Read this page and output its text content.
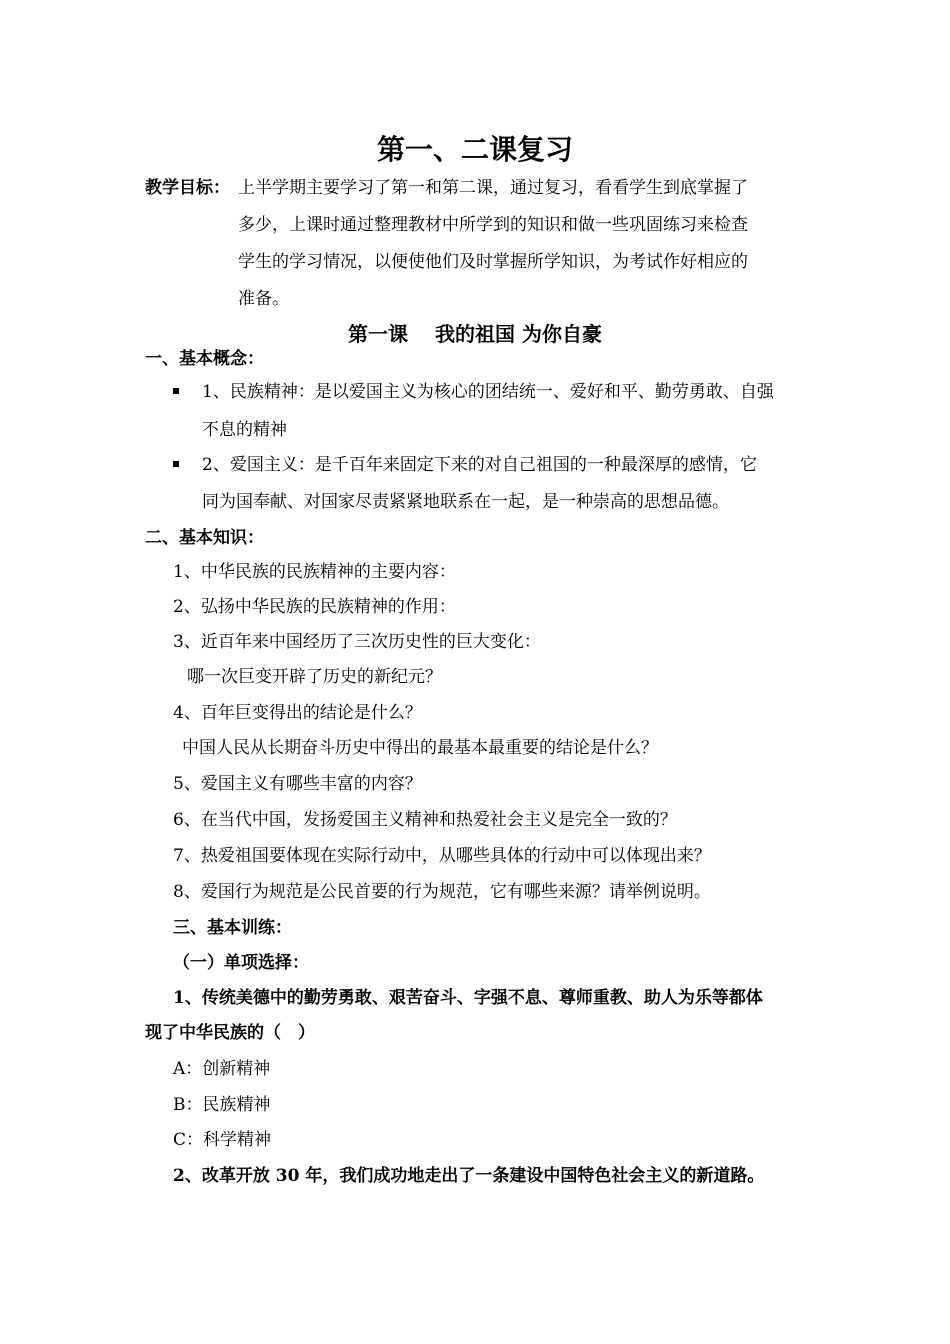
第一、二课复习
教学目标： 上半学期主要学习了第一和第二课，通过复习，看看学生到底掌握了
多少，上课时通过整理教材中所学到的知识和做一些巩固练习来检查
学生的学习情况，以便使他们及时掌握所学知识，为考试作好相应的
准备。
第一课　 我的祖国 为你自豪
一、基本概念：
1、民族精神：是以爱国主义为核心的团结统一、爱好和平、勤劳勇敢、自强
不息的精神
2、爱国主义：是千百年来固定下来的对自己祖国的一种最深厚的感情，它
同为国奉献、对国家尽责紧紧地联系在一起，是一种崇高的思想品德。
二、基本知识：
1、中华民族的民族精神的主要内容：
2、弘扬中华民族的民族精神的作用：
3、近百年来中国经历了三次历史性的巨大变化：
哪一次巨变开辟了历史的新纪元？
4、百年巨变得出的结论是什么？
中国人民从长期奋斗历史中得出的最基本最重要的结论是什么？
5、爱国主义有哪些丰富的内容？
6、在当代中国，发扬爱国主义精神和热爱社会主义是完全一致的？
7、热爱祖国要体现在实际行动中，从哪些具体的行动中可以体现出来？
8、爱国行为规范是公民首要的行为规范，它有哪些来源？请举例说明。
三、基本训练：
（一）单项选择：
1、传统美德中的勤劳勇敢、艰苦奋斗、字强不息、尊师重教、助人为乐等都体
现了中华民族的（　）
A：创新精神
B：民族精神
C：科学精神
2、改革开放 30 年，我们成功地走出了一条建设中国特色社会主义的新道路。
